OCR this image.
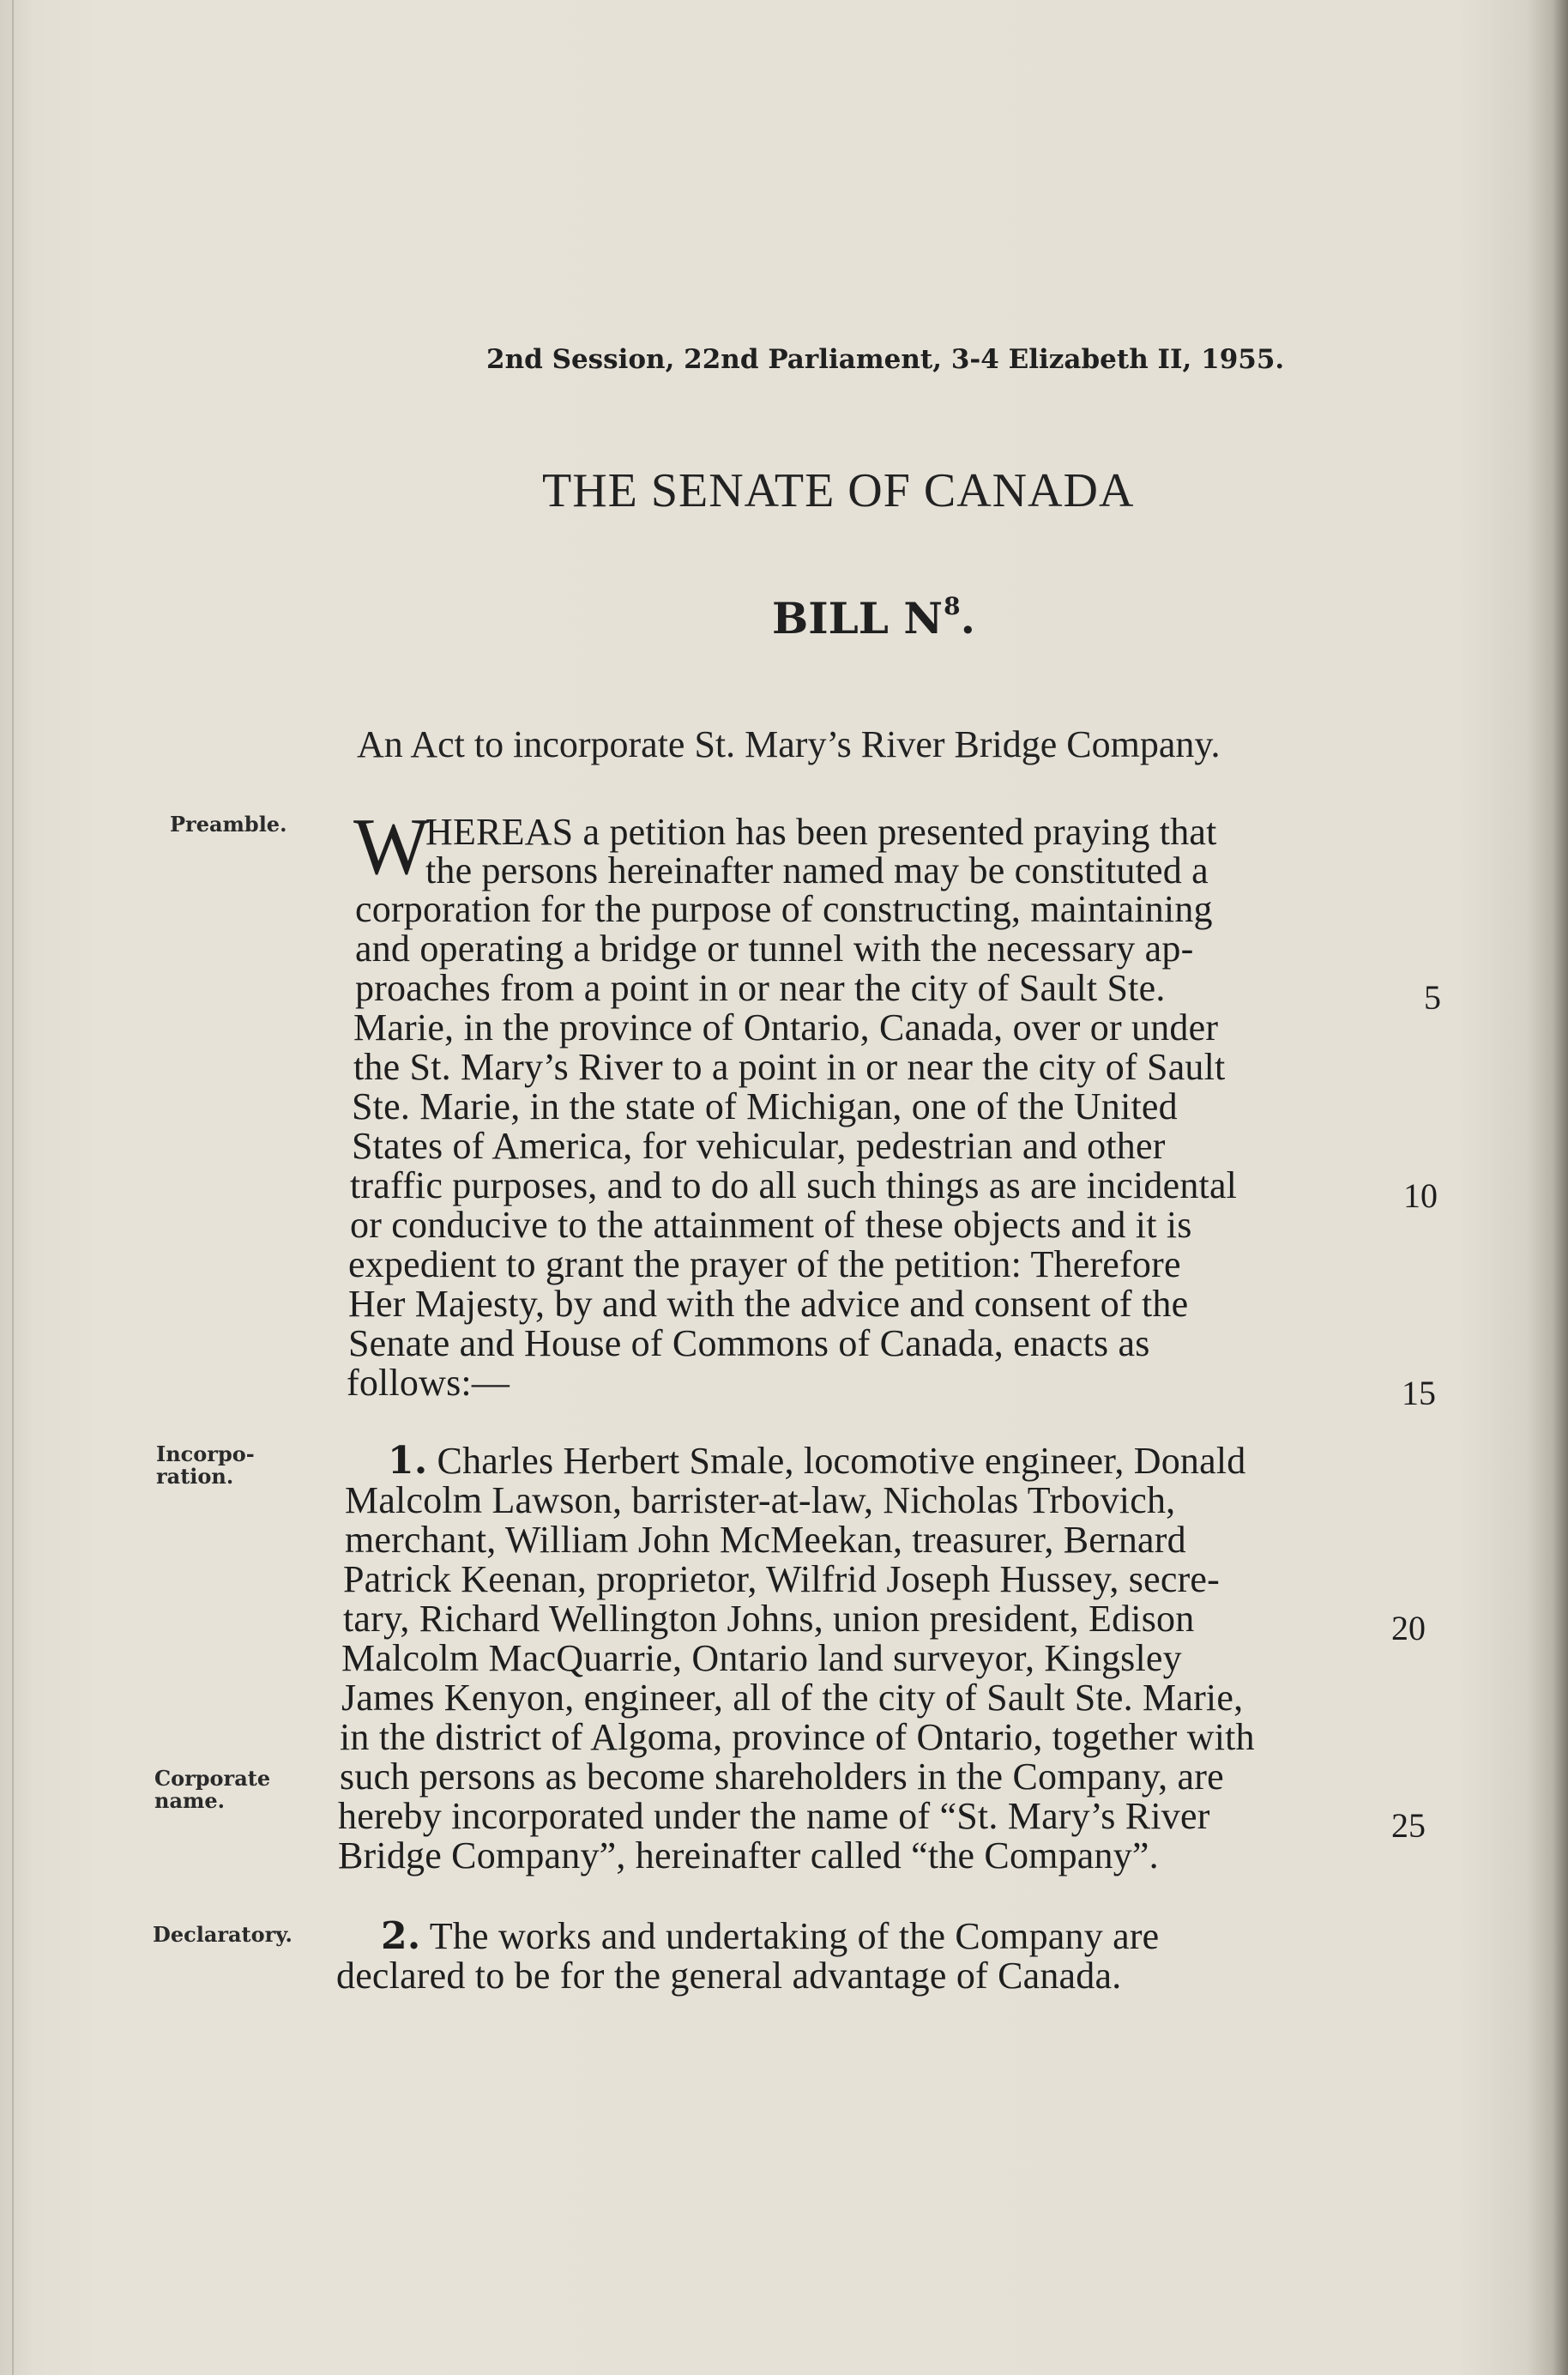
2nd Session, 22nd Parliament, 3-4 Elizabeth II, 1955.
THE SENATE OF CANADA
BILL $N^8$.
An Act to incorporate St. Mary’s River Bridge Company.
Preamble.
Incorpo-
ration.
Corporate
name.
Declaratory.
W
HEREAS a petition has been presented praying that
the persons hereinafter named may be constituted a
corporation for the purpose of constructing, maintaining
and operating a bridge or tunnel with the necessary ap-
proaches from a point in or near the city of Sault Ste.
Marie, in the province of Ontario, Canada, over or under
the St. Mary’s River to a point in or near the city of Sault
Ste. Marie, in the state of Michigan, one of the United
States of America, for vehicular, pedestrian and other
traffic purposes, and to do all such things as are incidental
or conducive to the attainment of these objects and it is
expedient to grant the prayer of the petition: Therefore
Her Majesty, by and with the advice and consent of the
Senate and House of Commons of Canada, enacts as
follows:—
1. Charles Herbert Smale, locomotive engineer, Donald
Malcolm Lawson, barrister-at-law, Nicholas Trbovich,
merchant, William John McMeekan, treasurer, Bernard
Patrick Keenan, proprietor, Wilfrid Joseph Hussey, secre-
tary, Richard Wellington Johns, union president, Edison
Malcolm MacQuarrie, Ontario land surveyor, Kingsley
James Kenyon, engineer, all of the city of Sault Ste. Marie,
in the district of Algoma, province of Ontario, together with
such persons as become shareholders in the Company, are
hereby incorporated under the name of “St. Mary’s River
Bridge Company”, hereinafter called “the Company”.
2. The works and undertaking of the Company are
declared to be for the general advantage of Canada.
5
10
15
20
25
